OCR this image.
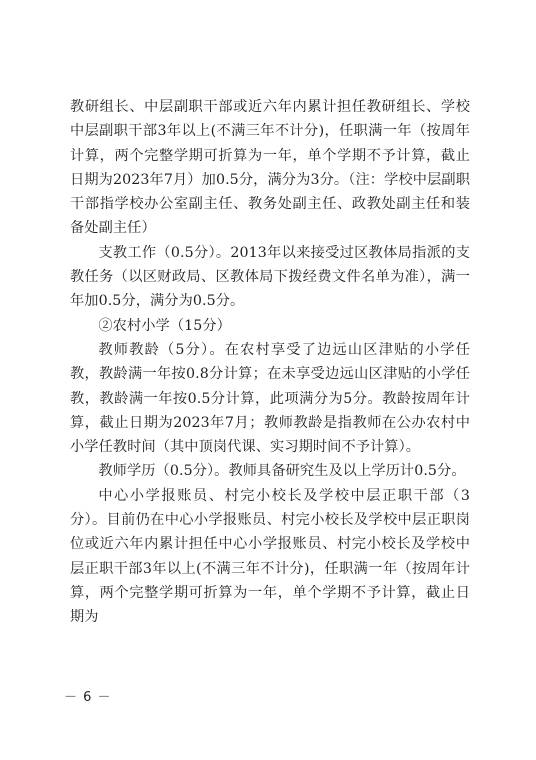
教研组长、中层副职干部或近六年内累计担任教研组长、学校中层副职干部3年以上(不满三年不计分)，任职满一年（按周年计算，两个完整学期可折算为一年，单个学期不予计算，截止日期为2023年7月）加0.5分，满分为3分。（注：学校中层副职干部指学校办公室副主任、教务处副主任、政教处副主任和装备处副主任）

支教工作（0.5分）。2013年以来接受过区教体局指派的支教任务（以区财政局、区教体局下拨经费文件名单为准），满一年加0.5分，满分为0.5分。

②农村小学（15分）

教师教龄（5分）。在农村享受了边远山区津贴的小学任教，教龄满一年按0.8分计算；在未享受边远山区津贴的小学任教，教龄满一年按0.5分计算，此项满分为5分。教龄按周年计算，截止日期为2023年7月；教师教龄是指教师在公办农村中小学任教时间（其中顶岗代课、实习期时间不予计算）。

教师学历（0.5分）。教师具备研究生及以上学历计0.5分。

中心小学报账员、村完小校长及学校中层正职干部（3分）。目前仍在中心小学报账员、村完小校长及学校中层正职岗位或近六年内累计担任中心小学报账员、村完小校长及学校中层正职干部3年以上(不满三年不计分)，任职满一年（按周年计算，两个完整学期可折算为一年，单个学期不予计算，截止日期为

－ 6 －
